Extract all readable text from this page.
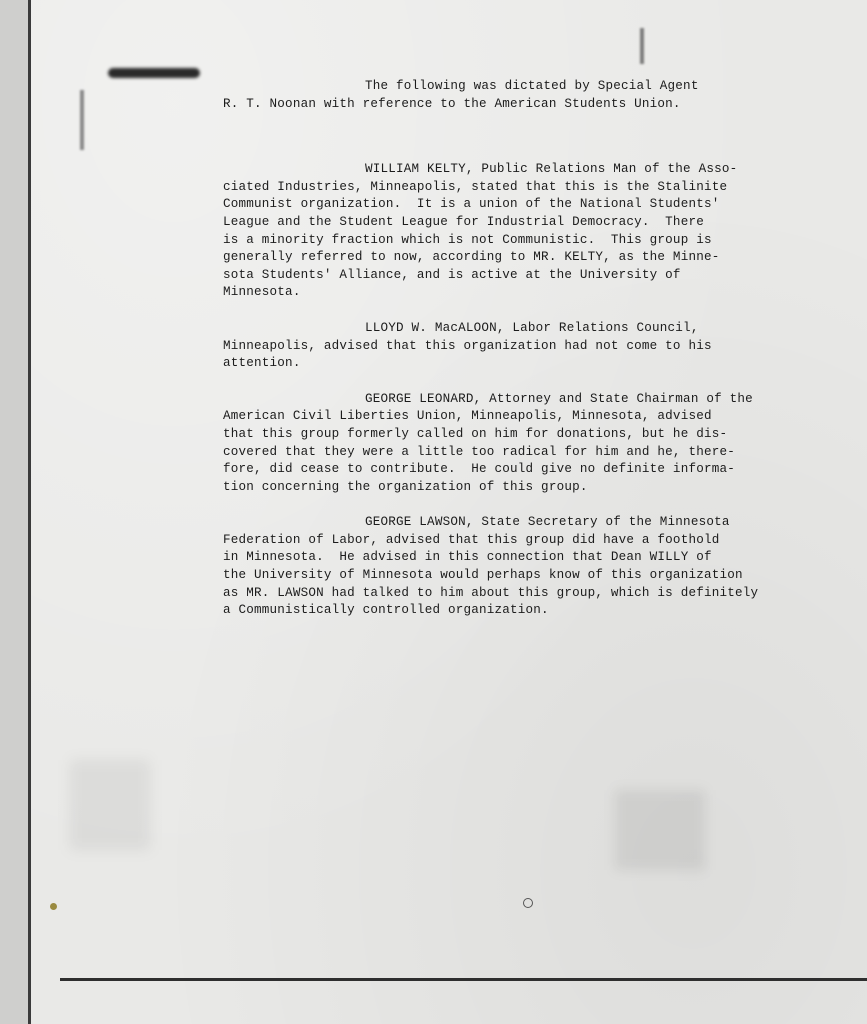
The following was dictated by Special Agent
R. T. Noonan with reference to the American Students Union.
WILLIAM KELTY, Public Relations Man of the Asso-
ciated Industries, Minneapolis, stated that this is the Stalinite
Communist organization.  It is a union of the National Students'
League and the Student League for Industrial Democracy.  There
is a minority fraction which is not Communistic.  This group is
generally referred to now, according to MR. KELTY, as the Minne-
sota Students' Alliance, and is active at the University of
Minnesota.
LLOYD W. MacALOON, Labor Relations Council,
Minneapolis, advised that this organization had not come to his
attention.
GEORGE LEONARD, Attorney and State Chairman of the
American Civil Liberties Union, Minneapolis, Minnesota, advised
that this group formerly called on him for donations, but he dis-
covered that they were a little too radical for him and he, there-
fore, did cease to contribute.  He could give no definite informa-
tion concerning the organization of this group.
GEORGE LAWSON, State Secretary of the Minnesota
Federation of Labor, advised that this group did have a foothold
in Minnesota.  He advised in this connection that Dean WILLY of
the University of Minnesota would perhaps know of this organization
as MR. LAWSON had talked to him about this group, which is definitely
a Communistically controlled organization.
